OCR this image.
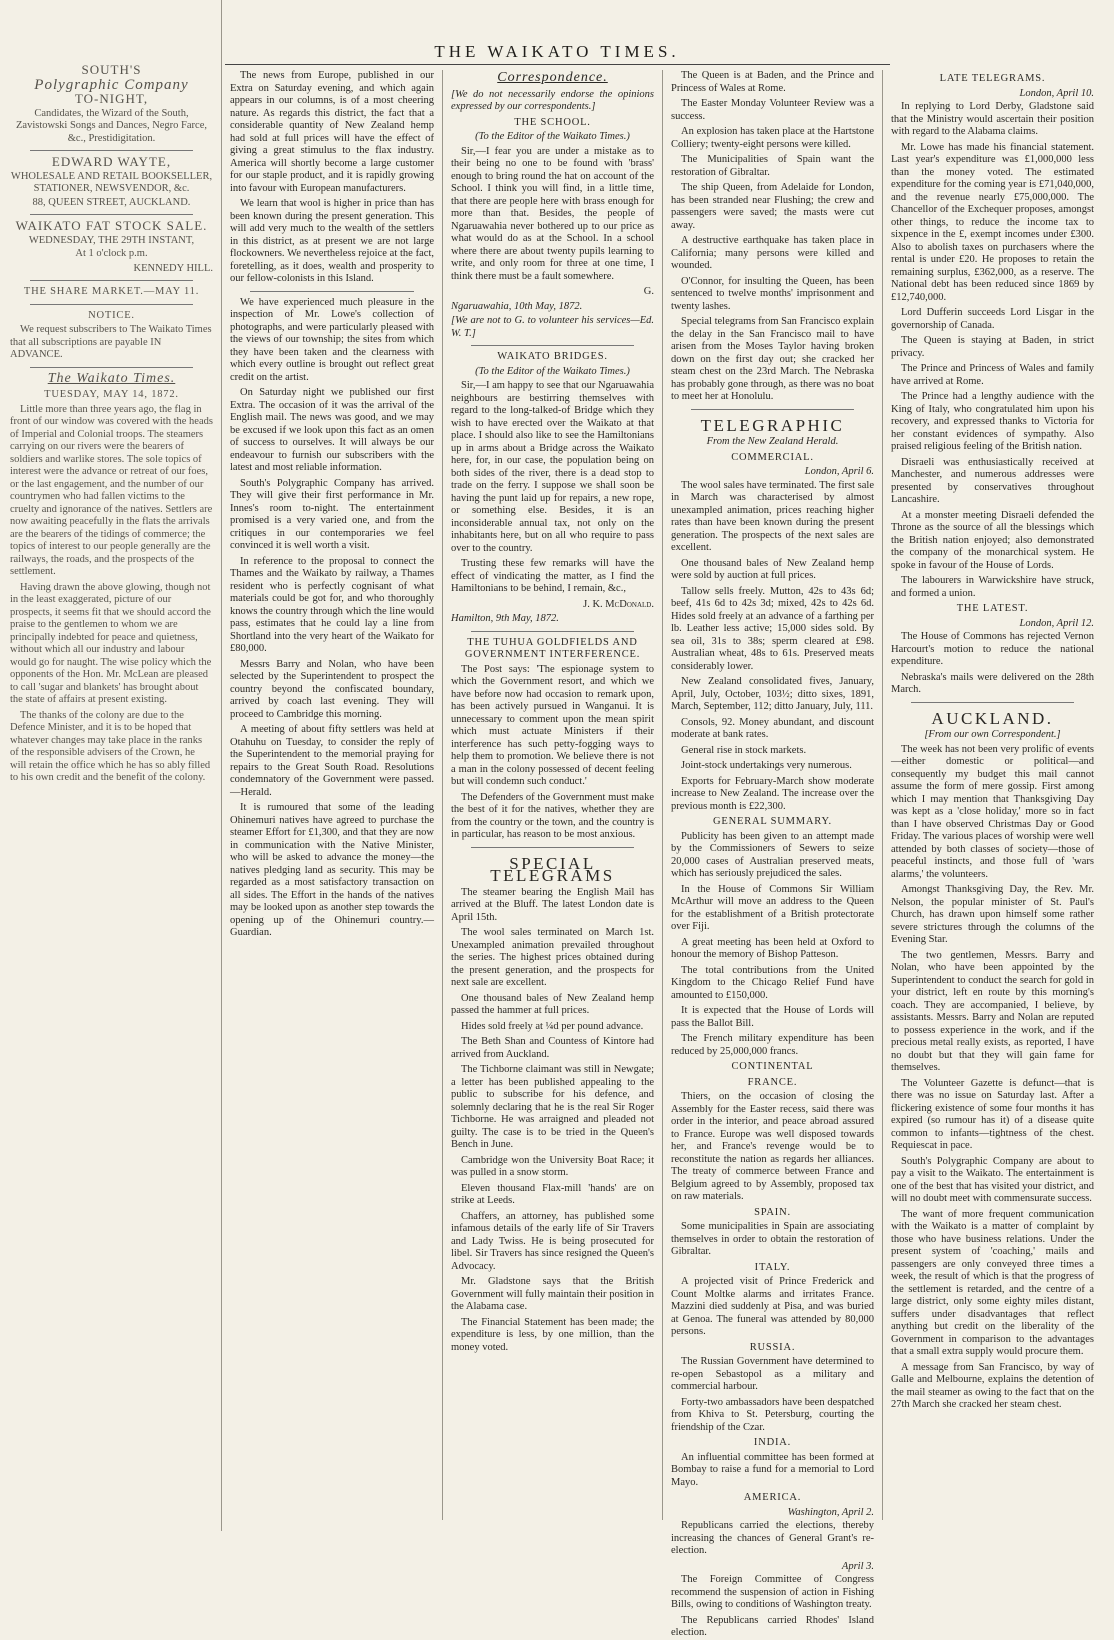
THE WAIKATO TIMES.
SOUTH'S
Polygraphic Company
TO-NIGHT,
Candidates, the Wizard of the South, Zavistowski Songs and Dances, Negro Farce, &c., Prestidigitation.
EDWARD WAYTE,
WHOLESALE AND RETAIL BOOKSELLER, STATIONER, NEWSVENDOR, &c.
88, QUEEN STREET, AUCKLAND.
WAIKATO FAT STOCK SALE.
WEDNESDAY, THE 29TH INSTANT,
At 1 o'clock p.m.
KENNEDY HILL.
THE SHARE MARKET.—MAY 11.
NOTICE.

We request subscribers to The Waikato Times that all subscriptions are payable IN ADVANCE.

The Waikato Times.
TUESDAY, MAY 14, 1872.

Little more than three years ago, the flag in front of our window was covered with the heads of Imperial and Colonial troops. The steamers carrying on our rivers were the bearers of soldiers and warlike stores. The sole topics of interest were the advance or retreat of our foes, or the last engagement, and the number of our countrymen who had fallen victims to the cruelty and ignorance of the natives. Settlers are now awaiting peacefully in the flats the arrivals are the bearers of the tidings of commerce; the topics of interest to our people generally are the railways, the roads, and the prospects of the settlement.

Having drawn the above glowing, though not in the least exaggerated, picture of our prospects, it seems fit that we should accord the praise to the gentlemen to whom we are principally indebted for peace and quietness, without which all our industry and labour would go for naught. The wise policy which the opponents of the Hon. Mr. McLean are pleased to call 'sugar and blankets' has brought about the state of affairs at present existing.

The thanks of the colony are due to the Defence Minister, and it is to be hoped that whatever changes may take place in the ranks of the responsible advisers of the Crown, he will retain the office which he has so ably filled to his own credit and the benefit of the colony.

The news from Europe, published in our Extra on Saturday evening, and which again appears in our columns, is of a most cheering nature. As regards this district, the fact that a considerable quantity of New Zealand hemp had sold at full prices will have the effect of giving a great stimulus to the flax industry. America will shortly become a large customer for our staple product, and it is rapidly growing into favour with European manufacturers.

We learn that wool is higher in price than has been known during the present generation. This will add very much to the wealth of the settlers in this district, as at present we are not large flockowners. We nevertheless rejoice at the fact, foretelling, as it does, wealth and prosperity to our fellow-colonists in this Island.

We have experienced much pleasure in the inspection of Mr. Lowe's collection of photographs, and were particularly pleased with the views of our township; the sites from which they have been taken and the clearness with which every outline is brought out reflect great credit on the artist.

On Saturday night we published our first Extra. The occasion of it was the arrival of the English mail. The news was good, and we may be excused if we look upon this fact as an omen of success to ourselves. It will always be our endeavour to furnish our subscribers with the latest and most reliable information.

South's Polygraphic Company has arrived. They will give their first performance in Mr. Innes's room to-night. The entertainment promised is a very varied one, and from the critiques in our contemporaries we feel convinced it is well worth a visit.

In reference to the proposal to connect the Thames and the Waikato by railway, a Thames resident who is perfectly cognisant of what materials could be got for, and who thoroughly knows the country through which the line would pass, estimates that he could lay a line from Shortland into the very heart of the Waikato for £80,000.

Messrs Barry and Nolan, who have been selected by the Superintendent to prospect the country beyond the confiscated boundary, arrived by coach last evening. They will proceed to Cambridge this morning.

A meeting of about fifty settlers was held at Otahuhu on Tuesday, to consider the reply of the Superintendent to the memorial praying for repairs to the Great South Road. Resolutions condemnatory of the Government were passed.—Herald.

It is rumoured that some of the leading Ohinemuri natives have agreed to purchase the steamer Effort for £1,300, and that they are now in communication with the Native Minister, who will be asked to advance the money—the natives pledging land as security. This may be regarded as a most satisfactory transaction on all sides. The Effort in the hands of the natives may be looked upon as another step towards the opening up of the Ohinemuri country.—Guardian.

Correspondence.
[We do not necessarily endorse the opinions expressed by our correspondents.]
THE SCHOOL.
(To the Editor of the Waikato Times.)

Sir,—I fear you are under a mistake as to their being no one to be found with 'brass' enough to bring round the hat on account of the School. I think you will find, in a little time, that there are people here with brass enough for more than that. Besides, the people of Ngaruawahia never bothered up to our price as what would do as at the School. In a school where there are about twenty pupils learning to write, and only room for three at one time, I think there must be a fault somewhere.

G.
Ngaruawahia, 10th May, 1872.
[We are not to G. to volunteer his services—Ed. W. T.]
WAIKATO BRIDGES.
(To the Editor of the Waikato Times.)

Sir,—I am happy to see that our Ngaruawahia neighbours are bestirring themselves with regard to the long-talked-of Bridge which they wish to have erected over the Waikato at that place. I should also like to see the Hamiltonians up in arms about a Bridge across the Waikato here, for, in our case, the population being on both sides of the river, there is a dead stop to trade on the ferry. I suppose we shall soon be having the punt laid up for repairs, a new rope, or something else. Besides, it is an inconsiderable annual tax, not only on the inhabitants here, but on all who require to pass over to the country.

Trusting these few remarks will have the effect of vindicating the matter, as I find the Hamiltonians to be behind, I remain, &c.,

J. K. McDonald.
Hamilton, 9th May, 1872.
THE TUHUA GOLDFIELDS AND GOVERNMENT INTERFERENCE.

The Post says: 'The espionage system to which the Government resort, and which we have before now had occasion to remark upon, has been actively pursued in Wanganui. It is unnecessary to comment upon the mean spirit which must actuate Ministers if their interference has such petty-fogging ways to help them to promotion. We believe there is not a man in the colony possessed of decent feeling but will condemn such conduct.'

The Defenders of the Government must make the best of it for the natives, whether they are from the country or the town, and the country is in particular, has reason to be most anxious.

SPECIAL TELEGRAMS

The steamer bearing the English Mail has arrived at the Bluff. The latest London date is April 15th.

The wool sales terminated on March 1st. Unexampled animation prevailed throughout the series. The highest prices obtained during the present generation, and the prospects for next sale are excellent.

One thousand bales of New Zealand hemp passed the hammer at full prices.

Hides sold freely at ¼d per pound advance.

The Beth Shan and Countess of Kintore had arrived from Auckland.

The Tichborne claimant was still in Newgate; a letter has been published appealing to the public to subscribe for his defence, and solemnly declaring that he is the real Sir Roger Tichborne. He was arraigned and pleaded not guilty. The case is to be tried in the Queen's Bench in June.

Cambridge won the University Boat Race; it was pulled in a snow storm.

Eleven thousand Flax-mill 'hands' are on strike at Leeds.

Chaffers, an attorney, has published some infamous details of the early life of Sir Travers and Lady Twiss. He is being prosecuted for libel. Sir Travers has since resigned the Queen's Advocacy.

Mr. Gladstone says that the British Government will fully maintain their position in the Alabama case.

The Financial Statement has been made; the expenditure is less, by one million, than the money voted.

The Queen is at Baden, and the Prince and Princess of Wales at Rome.

The Easter Monday Volunteer Review was a success.

An explosion has taken place at the Hartstone Colliery; twenty-eight persons were killed.

The Municipalities of Spain want the restoration of Gibraltar.

The ship Queen, from Adelaide for London, has been stranded near Flushing; the crew and passengers were saved; the masts were cut away.

A destructive earthquake has taken place in California; many persons were killed and wounded.

O'Connor, for insulting the Queen, has been sentenced to twelve months' imprisonment and twenty lashes.

Special telegrams from San Francisco explain the delay in the San Francisco mail to have arisen from the Moses Taylor having broken down on the first day out; she cracked her steam chest on the 23rd March. The Nebraska has probably gone through, as there was no boat to meet her at Honolulu.

TELEGRAPHIC
From the New Zealand Herald.
COMMERCIAL.
London, April 6.

The wool sales have terminated. The first sale in March was characterised by almost unexampled animation, prices reaching higher rates than have been known during the present generation. The prospects of the next sales are excellent.

One thousand bales of New Zealand hemp were sold by auction at full prices.

Tallow sells freely. Mutton, 42s to 43s 6d; beef, 41s 6d to 42s 3d; mixed, 42s to 42s 6d. Hides sold freely at an advance of a farthing per lb. Leather less active; 15,000 sides sold. By sea oil, 31s to 38s; sperm cleared at £98. Australian wheat, 48s to 61s. Preserved meats considerably lower.

New Zealand consolidated fives, January, April, July, October, 103½; ditto sixes, 1891, March, September, 112; ditto January, July, 111.

Consols, 92. Money abundant, and discount moderate at bank rates.

General rise in stock markets.

Joint-stock undertakings very numerous.

Exports for February-March show moderate increase to New Zealand. The increase over the previous month is £22,300.

GENERAL SUMMARY.

Publicity has been given to an attempt made by the Commissioners of Sewers to seize 20,000 cases of Australian preserved meats, which has seriously prejudiced the sales.

In the House of Commons Sir William McArthur will move an address to the Queen for the establishment of a British protectorate over Fiji.

A great meeting has been held at Oxford to honour the memory of Bishop Patteson.

The total contributions from the United Kingdom to the Chicago Relief Fund have amounted to £150,000.

It is expected that the House of Lords will pass the Ballot Bill.

The French military expenditure has been reduced by 25,000,000 francs.

CONTINENTAL
FRANCE.

Thiers, on the occasion of closing the Assembly for the Easter recess, said there was order in the interior, and peace abroad assured to France. Europe was well disposed towards her, and France's revenge would be to reconstitute the nation as regards her alliances. The treaty of commerce between France and Belgium agreed to by Assembly, proposed tax on raw materials.

SPAIN.

Some municipalities in Spain are associating themselves in order to obtain the restoration of Gibraltar.

ITALY.

A projected visit of Prince Frederick and Count Moltke alarms and irritates France. Mazzini died suddenly at Pisa, and was buried at Genoa. The funeral was attended by 80,000 persons.

RUSSIA.

The Russian Government have determined to re-open Sebastopol as a military and commercial harbour.

Forty-two ambassadors have been despatched from Khiva to St. Petersburg, courting the friendship of the Czar.

INDIA.

An influential committee has been formed at Bombay to raise a fund for a memorial to Lord Mayo.

AMERICA.
Washington, April 2.

Republicans carried the elections, thereby increasing the chances of General Grant's re-election.

April 3.

The Foreign Committee of Congress recommend the suspension of action in Fishing Bills, owing to conditions of Washington treaty.

The Republicans carried Rhodes' Island election.

LATE TELEGRAMS.
London, April 10.

In replying to Lord Derby, Gladstone said that the Ministry would ascertain their position with regard to the Alabama claims.

Mr. Lowe has made his financial statement. Last year's expenditure was £1,000,000 less than the money voted. The estimated expenditure for the coming year is £71,040,000, and the revenue nearly £75,000,000. The Chancellor of the Exchequer proposes, amongst other things, to reduce the income tax to sixpence in the £, exempt incomes under £300. Also to abolish taxes on purchasers where the rental is under £20. He proposes to retain the remaining surplus, £362,000, as a reserve. The National debt has been reduced since 1869 by £12,740,000.

Lord Dufferin succeeds Lord Lisgar in the governorship of Canada.

The Queen is staying at Baden, in strict privacy.

The Prince and Princess of Wales and family have arrived at Rome.

The Prince had a lengthy audience with the King of Italy, who congratulated him upon his recovery, and expressed thanks to Victoria for her constant evidences of sympathy. Also praised religious feeling of the British nation.

Disraeli was enthusiastically received at Manchester, and numerous addresses were presented by conservatives throughout Lancashire.

At a monster meeting Disraeli defended the Throne as the source of all the blessings which the British nation enjoyed; also demonstrated the company of the monarchical system. He spoke in favour of the House of Lords.

The labourers in Warwickshire have struck, and formed a union.

THE LATEST.
London, April 12.

The House of Commons has rejected Vernon Harcourt's motion to reduce the national expenditure.

Nebraska's mails were delivered on the 28th March.

AUCKLAND.
[From our own Correspondent.]

The week has not been very prolific of events—either domestic or political—and consequently my budget this mail cannot assume the form of mere gossip. First among which I may mention that Thanksgiving Day was kept as a 'close holiday,' more so in fact than I have observed Christmas Day or Good Friday. The various places of worship were well attended by both classes of society—those of peaceful instincts, and those full of 'wars alarms,' the volunteers.

Amongst Thanksgiving Day, the Rev. Mr. Nelson, the popular minister of St. Paul's Church, has drawn upon himself some rather severe strictures through the columns of the Evening Star.

The two gentlemen, Messrs. Barry and Nolan, who have been appointed by the Superintendent to conduct the search for gold in your district, left en route by this morning's coach. They are accompanied, I believe, by assistants. Messrs. Barry and Nolan are reputed to possess experience in the work, and if the precious metal really exists, as reported, I have no doubt but that they will gain fame for themselves.

The Volunteer Gazette is defunct—that is there was no issue on Saturday last. After a flickering existence of some four months it has expired (so rumour has it) of a disease quite common to infants—tightness of the chest. Requiescat in pace.

South's Polygraphic Company are about to pay a visit to the Waikato. The entertainment is one of the best that has visited your district, and will no doubt meet with commensurate success.

The want of more frequent communication with the Waikato is a matter of complaint by those who have business relations. Under the present system of 'coaching,' mails and passengers are only conveyed three times a week, the result of which is that the progress of the settlement is retarded, and the centre of a large district, only some eighty miles distant, suffers under disadvantages that reflect anything but credit on the liberality of the Government in comparison to the advantages that a small extra supply would procure them.

A message from San Francisco, by way of Galle and Melbourne, explains the detention of the mail steamer as owing to the fact that on the 27th March she cracked her steam chest.
